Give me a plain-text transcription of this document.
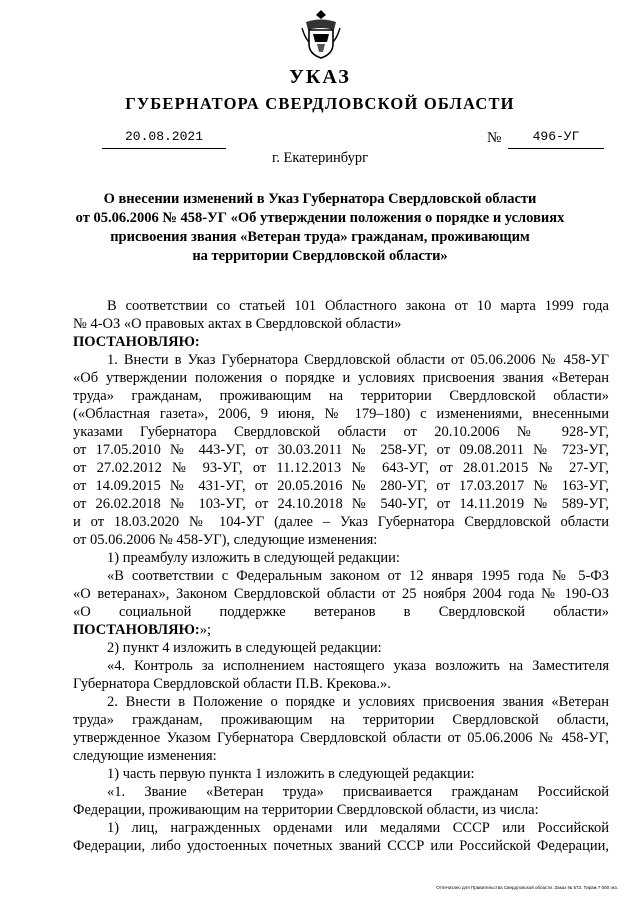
УКАЗ
ГУБЕРНАТОРА СВЕРДЛОВСКОЙ ОБЛАСТИ
20.08.2021	№	496-УГ
г. Екатеринбург
О внесении изменений в Указ Губернатора Свердловской области
от 05.06.2006 № 458-УГ «Об утверждении положения о порядке и условиях
присвоения звания «Ветеран труда» гражданам, проживающим
на территории Свердловской области»
В соответствии со статьей 101 Областного закона от 10 марта 1999 года
№ 4-ОЗ «О правовых актах в Свердловской области»
ПОСТАНОВЛЯЮ:
1. Внести в Указ Губернатора Свердловской области от 05.06.2006 № 458-УГ
«Об утверждении положения о порядке и условиях присвоения звания «Ветеран
труда» гражданам, проживающим на территории Свердловской области»
(«Областная газета», 2006, 9 июня, № 179–180) с изменениями, внесенными
указами Губернатора Свердловской области от 20.10.2006 № 928-УГ,
от 17.05.2010 № 443-УГ, от 30.03.2011 № 258-УГ, от 09.08.2011 № 723-УГ,
от 27.02.2012 № 93-УГ, от 11.12.2013 № 643-УГ, от 28.01.2015 № 27-УГ,
от 14.09.2015 № 431-УГ, от 20.05.2016 № 280-УГ, от 17.03.2017 № 163-УГ,
от 26.02.2018 № 103-УГ, от 24.10.2018 № 540-УГ, от 14.11.2019 № 589-УГ,
и от 18.03.2020 № 104-УГ (далее – Указ Губернатора Свердловской области
от 05.06.2006 № 458-УГ), следующие изменения:
1) преамбулу изложить в следующей редакции:
«В соответствии с Федеральным законом от 12 января 1995 года № 5-ФЗ
«О ветеранах», Законом Свердловской области от 25 ноября 2004 года № 190-ОЗ
«О социальной поддержке ветеранов в Свердловской области»
ПОСТАНОВЛЯЮ:»;
2) пункт 4 изложить в следующей редакции:
«4. Контроль за исполнением настоящего указа возложить на Заместителя
Губернатора Свердловской области П.В. Крекова.».
2. Внести в Положение о порядке и условиях присвоения звания «Ветеран
труда» гражданам, проживающим на территории Свердловской области,
утвержденное Указом Губернатора Свердловской области от 05.06.2006 № 458-УГ,
следующие изменения:
1) часть первую пункта 1 изложить в следующей редакции:
«1. Звание «Ветеран труда» присваивается гражданам Российской
Федерации, проживающим на территории Свердловской области, из числа:
1) лиц, награжденных орденами или медалями СССР или Российской
Федерации, либо удостоенных почетных званий СССР или Российской Федерации,
Отпечатано для Правительства Свердловской области. Заказ № 573. Тираж 7 000 экз.
